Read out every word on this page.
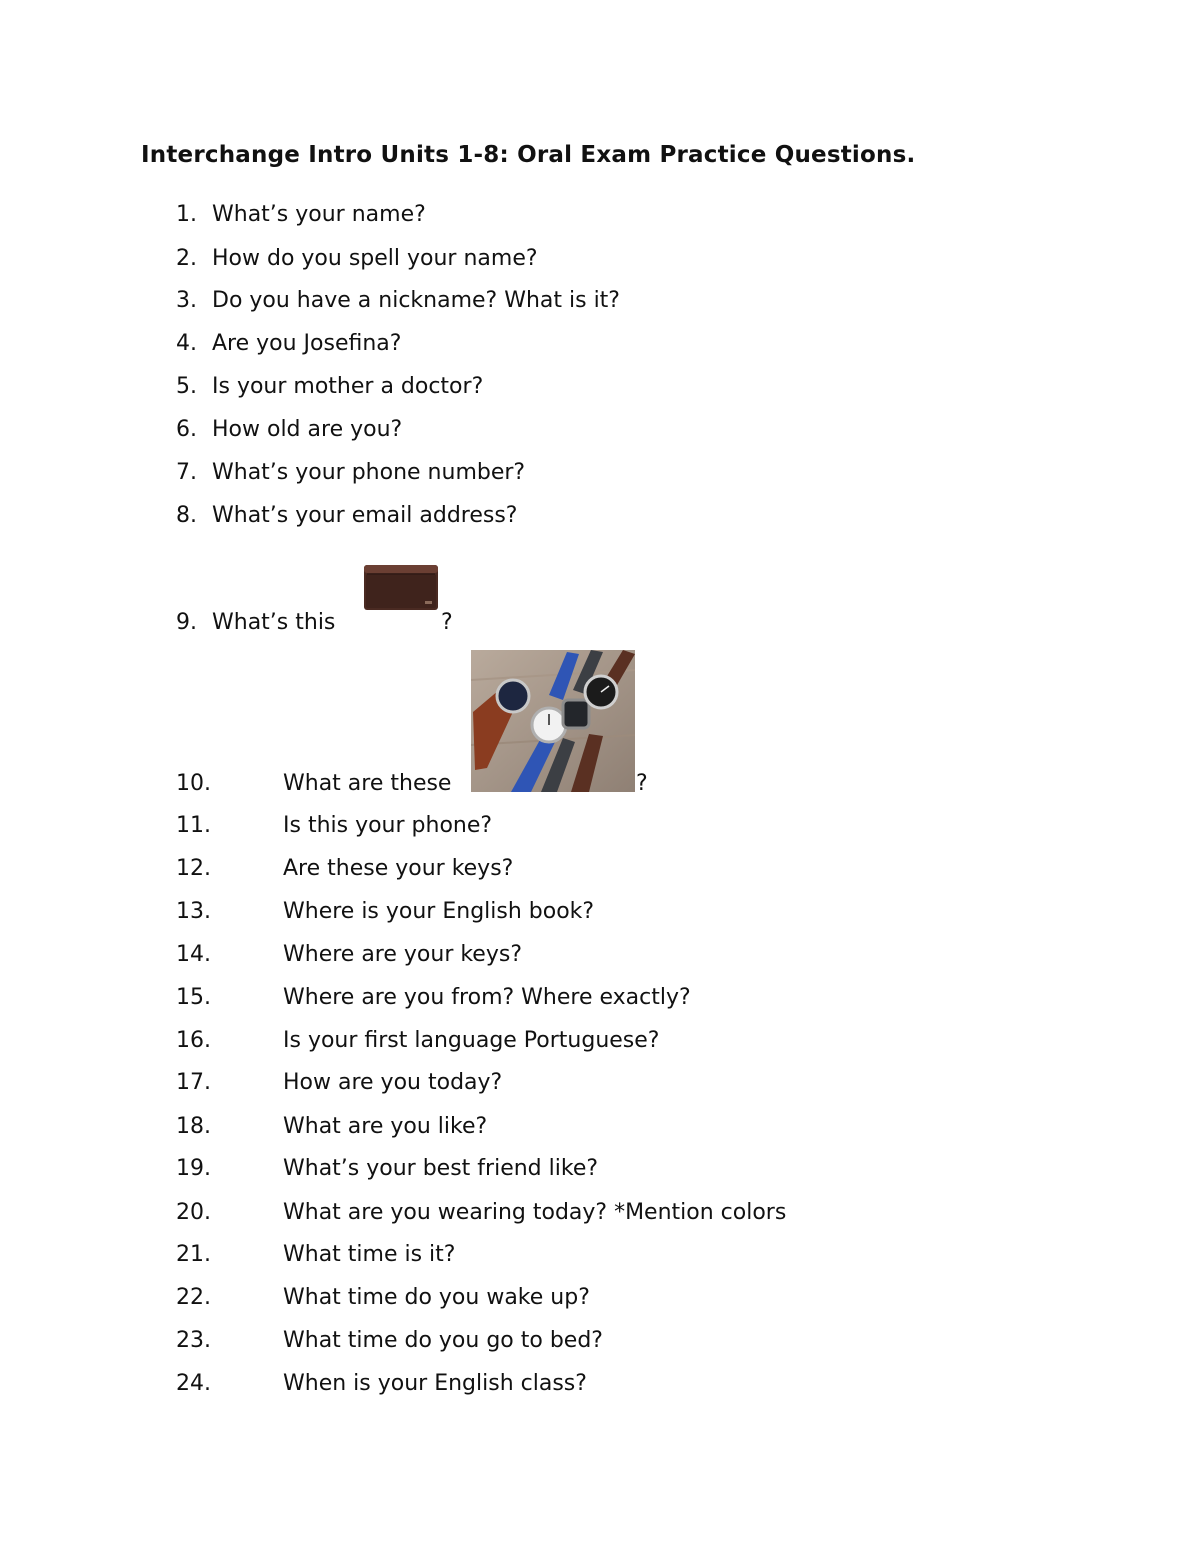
Interchange Intro Units 1-8: Oral Exam Practice Questions.
1. What’s your name?
2. How do you spell your name?
3. Do you have a nickname? What is it?
4. Are you Josefina?
5. Is your mother a doctor?
6. How old are you?
7. What’s your phone number?
8. What’s your email address?
9. What’s this	?
10.	What are these	?
11.	Is this your phone?
12.	Are these your keys?
13.	Where is your English book?
14.	Where are your keys?
15.	Where are you from? Where exactly?
16.	Is your first language Portuguese?
17.	How are you today?
18.	What are you like?
19.	What’s your best friend like?
20.	What are you wearing today? *Mention colors
21.	What time is it?
22.	What time do you wake up?
23.	What time do you go to bed?
24.	When is your English class?
